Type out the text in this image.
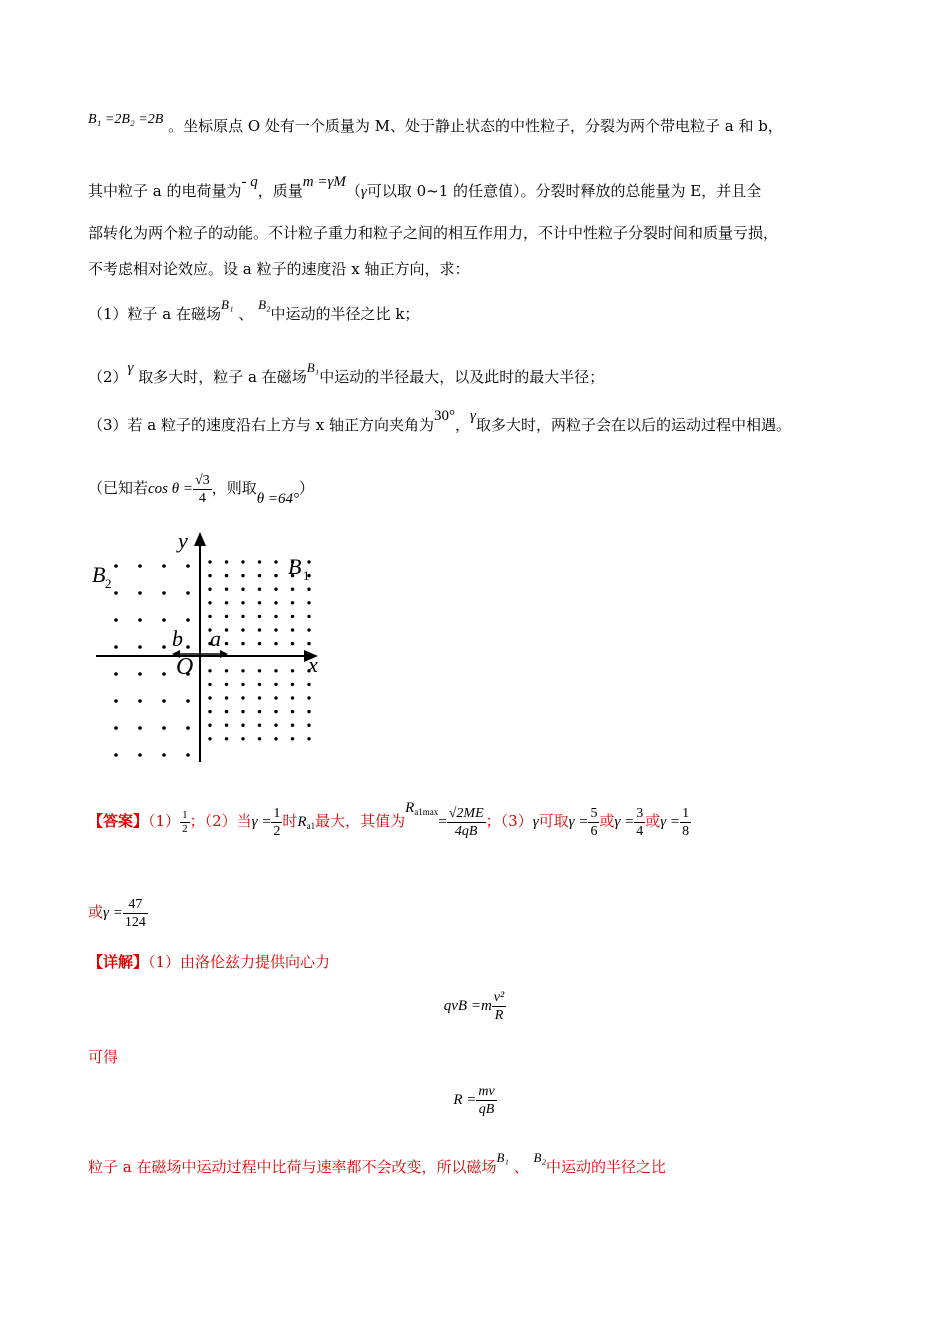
B₁ =2B₂ =2B 。坐标原点 O 处有一个质量为 M、处于静止状态的中性粒子，分裂为两个带电粒子 a 和 b，
其中粒子 a 的电荷量为- q，质量m =γM（γ可以取 0~1 的任意值）。分裂时释放的总能量为 E，并且全
部转化为两个粒子的动能。不计粒子重力和粒子之间的相互作用力，不计中性粒子分裂时间和质量亏损，
不考虑相对论效应。设 a 粒子的速度沿 x 轴正方向，求：
（1）粒子 a 在磁场B₁ 、 B₂中运动的半径之比 k；
（2）γ 取多大时，粒子 a 在磁场B₁中运动的半径最大，以及此时的最大半径；
（3）若 a 粒子的速度沿右上方与 x 轴正方向夹角为30°，γ取多大时，两粒子会在以后的运动过程中相遇。
（已知若$\cos \theta = \frac{√3}{4}$ ，则取θ =64°）
y
x
B 2
B 1
b a
O
【答案】$(1) \frac{1}{2}$ ；（2）当$\gamma = \frac{1}{2}$ 时$R_{a1}$最大，其值为$R_{a1max}= \frac{√2ME}{4qB}$ ；（3）γ可取$\gamma = \frac{5}{6}$ 或$\gamma = \frac{3}{4}$ 或$\gamma = \frac{1}{8}$
或$\gamma = \frac{47}{124}$
【详解】（1）由洛伦兹力提供向心力
qvB $=m \frac{\text{v²}}{R}$
可得
$R = \frac{mv}{qB}$
粒子 a 在磁场中运动过程中比荷与速率都不会改变，所以磁场B₁ 、 B₂中运动的半径之比
